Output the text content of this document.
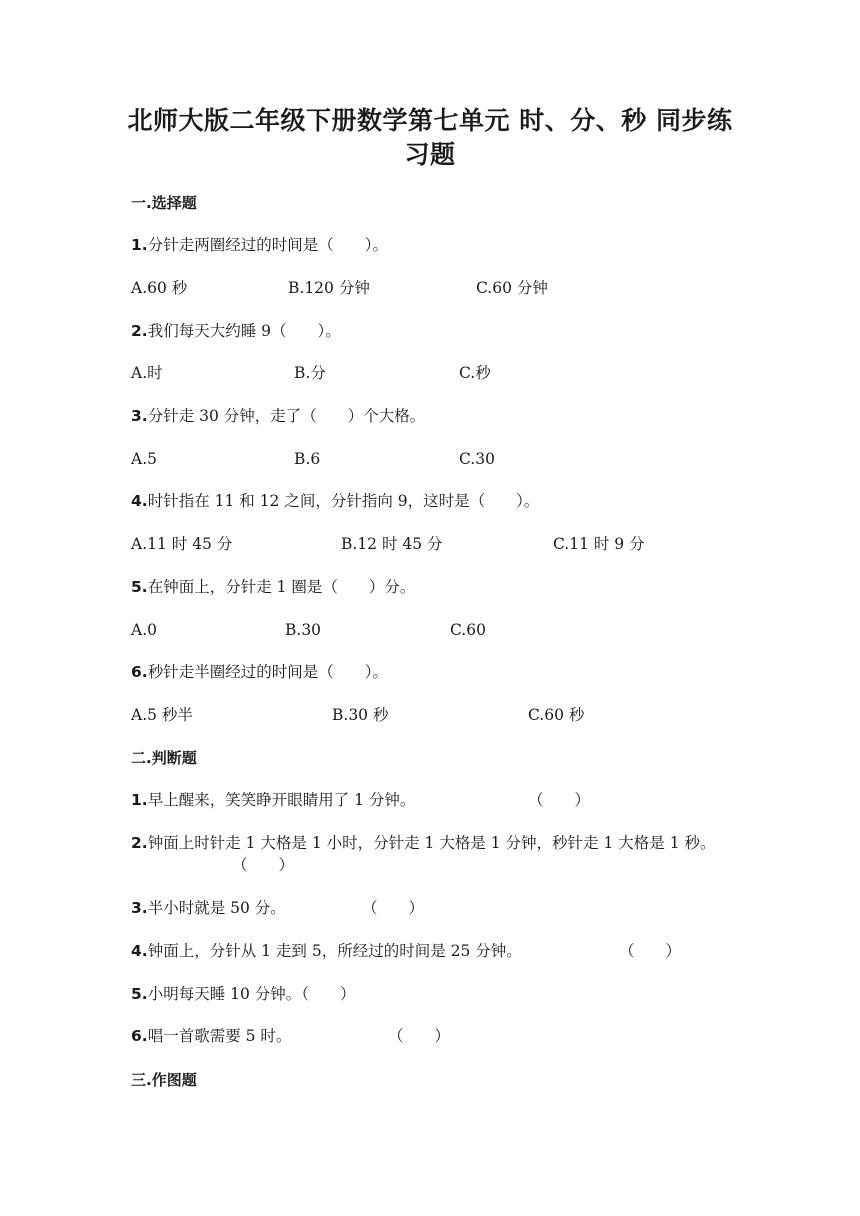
北师大版二年级下册数学第七单元 时、分、秒 同步练习题
一.选择题
1.分针走两圈经过的时间是（　　）。
A.60 秒	B.120 分钟	C.60 分钟
2.我们每天大约睡 9（　　）。
A.时	B.分	C.秒
3.分针走 30 分钟，走了（　　）个大格。
A.5	B.6	C.30
4.时针指在 11 和 12 之间，分针指向 9，这时是（　　）。
A.11 时 45 分	B.12 时 45 分	C.11 时 9 分
5.在钟面上，分针走 1 圈是（　　）分。
A.0	B.30	C.60
6.秒针走半圈经过的时间是（　　）。
A.5 秒半	B.30 秒	C.60 秒
二.判断题
1.早上醒来，笑笑睁开眼睛用了 1 分钟。	（　　）
2.钟面上时针走 1 大格是 1 小时，分针走 1 大格是 1 分钟，秒针走 1 大格是 1 秒。
（　　）
3.半小时就是 50 分。	（　　）
4.钟面上，分针从 1 走到 5，所经过的时间是 25 分钟。	（　　）
5.小明每天睡 10 分钟。（　　）
6.唱一首歌需要 5 时。	（　　）
三.作图题
